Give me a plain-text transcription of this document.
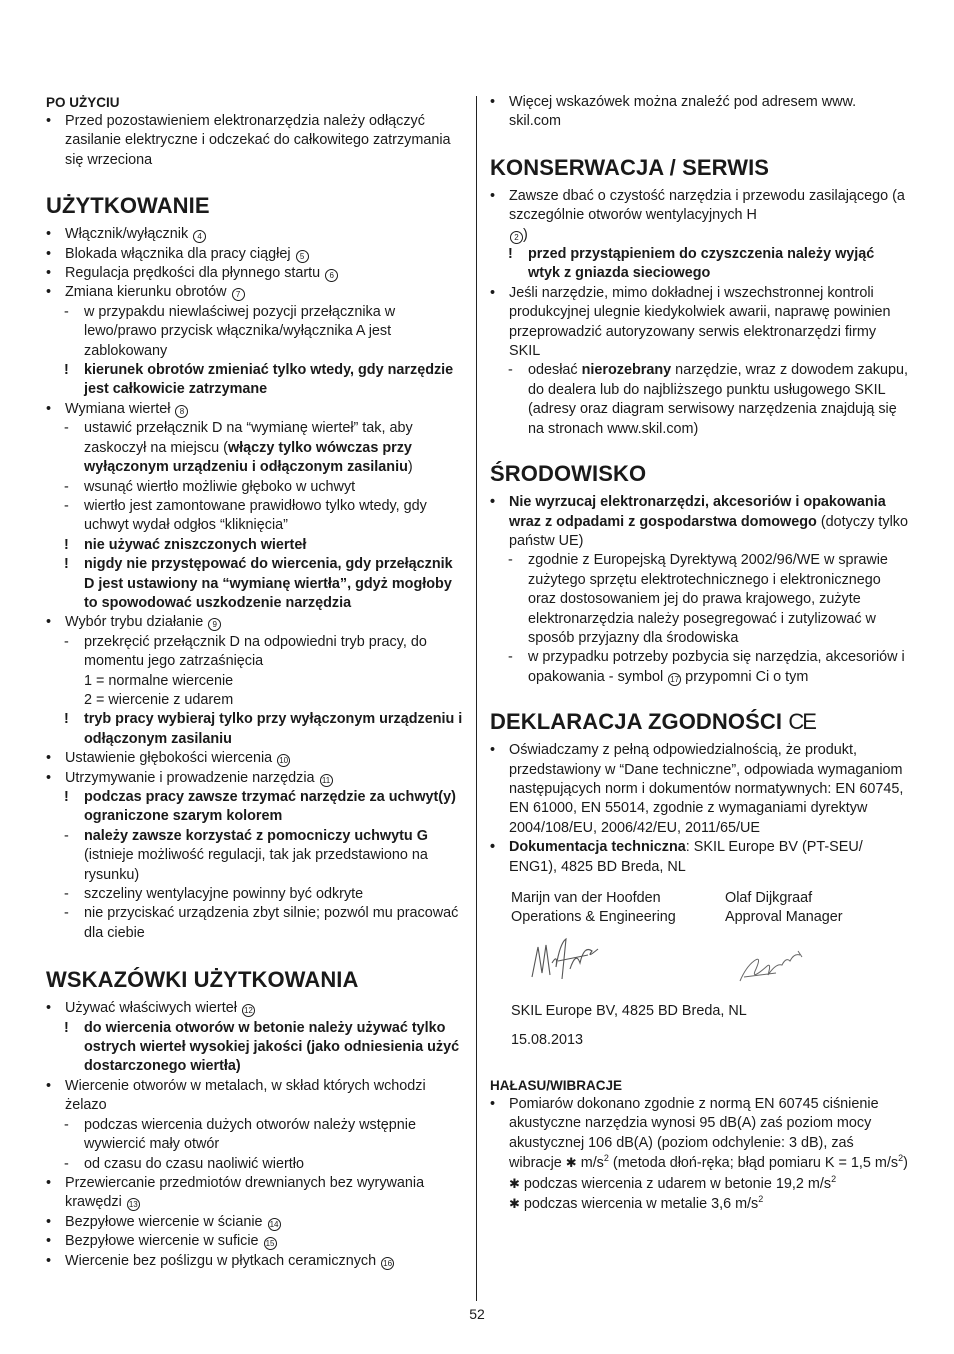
PO UŻYCIU

• Przed pozostawieniem elektronarzędzia należy odłączyć zasilanie elektryczne i odczekać do całkowitego zatrzymania się wrzeciona
UŻYTKOWANIE
• Włącznik/wyłącznik 4
• Blokada włącznika dla pracy ciągłej 5
• Regulacja prędkości dla płynnego startu 6
• Zmiana kierunku obrotów 7
- w przypakdu niewlaściwej pozycji przełącznika w lewo/prawo przycisk włącznika/wyłącznika A jest zablokowany
! kierunek obrotów zmieniać tylko wtedy, gdy narzędzie jest całkowicie zatrzymane
• Wymiana wierteł 8
- ustawić przełącznik D na “wymianę wierteł” tak, aby zaskoczył na miejscu (włączy tylko wówczas przy wyłączonym urządzeniu i odłączonym zasilaniu)
- wsunąć wiertło możliwie głęboko w uchwyt
- wiertło jest zamontowane prawidłowo tylko wtedy, gdy uchwyt wydał odgłos “kliknięcia”
! nie używać zniszczonych wierteł
! nigdy nie przystępować do wiercenia, gdy przełącznik D jest ustawiony na “wymianę wiertła”, gdyż mogłoby to spowodować uszkodzenie narzędzia
• Wybór trybu działanie 9
- przekręcić przełącznik D na odpowiedni tryb pracy, do momentu jego zatrzaśnięcia
1 = normalne wiercenie
2 = wiercenie z udarem
! tryb pracy wybieraj tylko przy wyłączonym urządzeniu i odłączonym zasilaniu
• Ustawienie głębokości wiercenia 10
• Utrzymywanie i prowadzenie narzędzia 11
! podczas pracy zawsze trzymać narzędzie za uchwyt(y) ograniczone szarym kolorem
- należy zawsze korzystać z pomocniczy uchwytu G (istnieje możliwość regulacji, tak jak przedstawiono na rysunku)
- szczeliny wentylacyjne powinny być odkryte
- nie przyciskać urządzenia zbyt silnie; pozwól mu pracować dla ciebie
WSKAZÓWKI UŻYTKOWANIA
• Używać właściwych wierteł 12
! do wiercenia otworów w betonie należy używać tylko ostrych wierteł wysokiej jakości (jako odniesienia użyć dostarczonego wiertła)
• Wiercenie otworów w metalach, w skład których wchodzi żelazo
- podczas wiercenia dużych otworów należy wstępnie wywiercić mały otwór
- od czasu do czasu naoliwić wiertło
• Przewiercanie przedmiotów drewnianych bez wyrywania krawędzi 13
• Bezpyłowe wiercenie w ścianie 14
• Bezpyłowe wiercenie w suficie 15
• Wiercenie bez poślizgu w płytkach ceramicznych 16
• Więcej wskazówek można znaleźć pod adresem www. skil.com
KONSERWACJA / SERWIS
• Zawsze dbać o czystość narzędzia i przewodu zasilającego (a szczególnie otworów wentylacyjnych H
2 )
! przed przystąpieniem do czyszczenia należy wyjąć wtyk z gniazda sieciowego
• Jeśli narzędzie, mimo dokładnej i wszechstronnej kontroli produkcyjnej ulegnie kiedykolwiek awarii, naprawę powinien przeprowadzić autoryzowany serwis elektronarzędzi firmy SKIL
- odesłać nierozebrany narzędzie, wraz z dowodem zakupu, do dealera lub do najbliższego punktu usługowego SKIL (adresy oraz diagram serwisowy narzędzenia znajdują się na stronach www.skil.com)
ŚRODOWISKO
• Nie wyrzucaj elektronarzędzi, akcesoriów i opakowania wraz z odpadami z gospodarstwa domowego (dotyczy tylko państw UE)
- zgodnie z Europejską Dyrektywą 2002/96/WE w sprawie zużytego sprzętu elektrotechnicznego i elektronicznego oraz dostosowaniem jej do prawa krajowego, zużyte elektronarzędzia należy posegregować i zutylizować w sposób przyjazny dla środowiska
- w przypadku potrzeby pozbycia się narzędzia, akcesoriów i opakowania - symbol 17 przypomni Ci o tym
DEKLARACJA ZGODNOŚCI CE
• Oświadczamy z pełną odpowiedzialnością, że produkt, przedstawiony w “Dane techniczne”, odpowiada wymaganiom następujących norm i dokumentów normatywnych: EN 60745, EN 61000, EN 55014, zgodnie z wymaganiami dyrektyw 2004/108/EU, 2006/42/EU, 2011/65/UE
• Dokumentacja techniczna: SKIL Europe BV (PT-SEU/ ENG1), 4825 BD Breda, NL
Marijn van der Hoofden
Operations & Engineering
Olaf Dijkgraaf
Approval Manager
SKIL Europe BV, 4825 BD Breda, NL
15.08.2013

HAŁASU/WIBRACJE

• Pomiarów dokonano zgodnie z normą EN 60745 ciśnienie akustyczne narzędzia wynosi 95 dB(A) zaś poziom mocy akustycznej 106 dB(A) (poziom odchylenie: 3 dB), zaś wibracje ✱ $m/s^2$ (metoda dłoń-ręka; błąd pomiaru K = 1,5 $m/s^2$)
✱ podczas wiercenia z udarem w betonie 19,2 $m/s^2$
✱ podczas wiercenia w metalie 3,6 $m/s^2$
52
